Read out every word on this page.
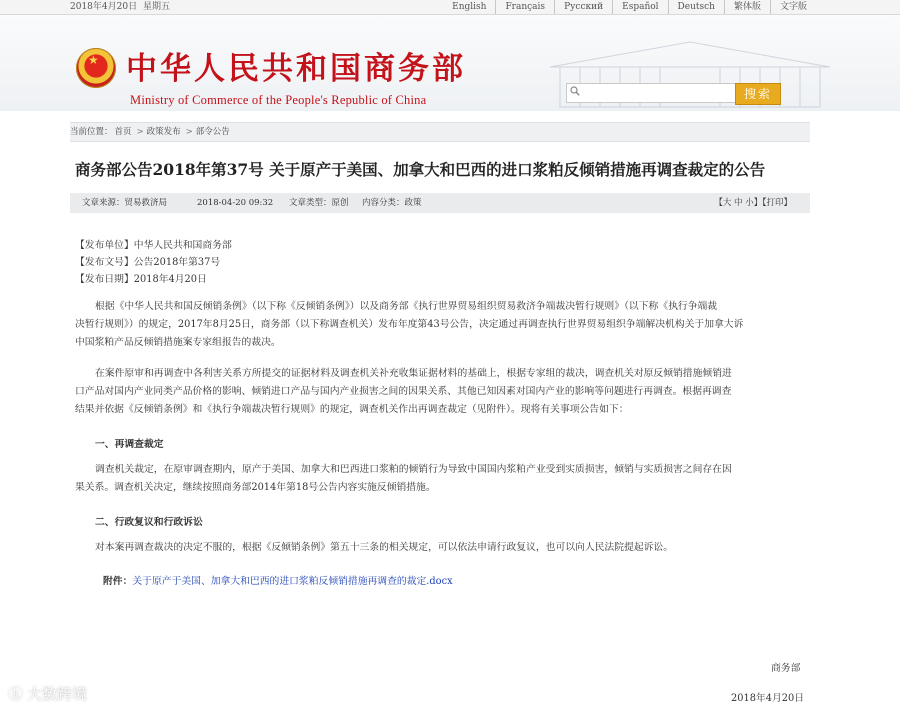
2018年4月20日 星期五	English	Français	Русский	Español	Deutsch	繁体版	文字版
★ 中华人民共和国商务部
Ministry of Commerce of the People's Republic of China	搜索
当前位置： 首页 > 政策发布 > 部令公告
商务部公告2018年第37号 关于原产于美国、加拿大和巴西的进口浆粕反倾销措施再调查裁定的公告
文章来源：贸易救济局	2018-04-20 09:32 文章类型：原创 内容分类：政策	【大 中 小】【打印】
【发布单位】中华人民共和国商务部
【发布文号】公告2018年第37号
【发布日期】2018年4月20日
根据《中华人民共和国反倾销条例》（以下称《反倾销条例》）以及商务部《执行世界贸易组织贸易救济争端裁决暂行规则》（以下称《执行争端裁
决暂行规则》）的规定，2017年8月25日，商务部（以下称调查机关）发布年度第43号公告，决定通过再调查执行世界贸易组织争端解决机构关于加拿大诉
中国浆粕产品反倾销措施案专家组报告的裁决。
在案件原审和再调查中各利害关系方所提交的证据材料及调查机关补充收集证据材料的基础上，根据专家组的裁决，调查机关对原反倾销措施倾销进
口产品对国内产业同类产品价格的影响、倾销进口产品与国内产业损害之间的因果关系、其他已知因素对国内产业的影响等问题进行再调查。根据再调查
结果并依据《反倾销条例》和《执行争端裁决暂行规则》的规定，调查机关作出再调查裁定（见附件）。现将有关事项公告如下：
一、再调查裁定
调查机关裁定，在原审调查期内，原产于美国、加拿大和巴西进口浆粕的倾销行为导致中国国内浆粕产业受到实质损害，倾销与实质损害之间存在因
果关系。调查机关决定，继续按照商务部2014年第18号公告内容实施反倾销措施。
二、行政复议和行政诉讼
对本案再调查裁决的决定不服的，根据《反倾销条例》第五十三条的相关规定，可以依法申请行政复议，也可以向人民法院提起诉讼。
附件：关于原产于美国、加拿大和巴西的进口浆粕反倾销措施再调查的裁定.docx
商务部
2018年4月20日
ⓚ 大数跨境
